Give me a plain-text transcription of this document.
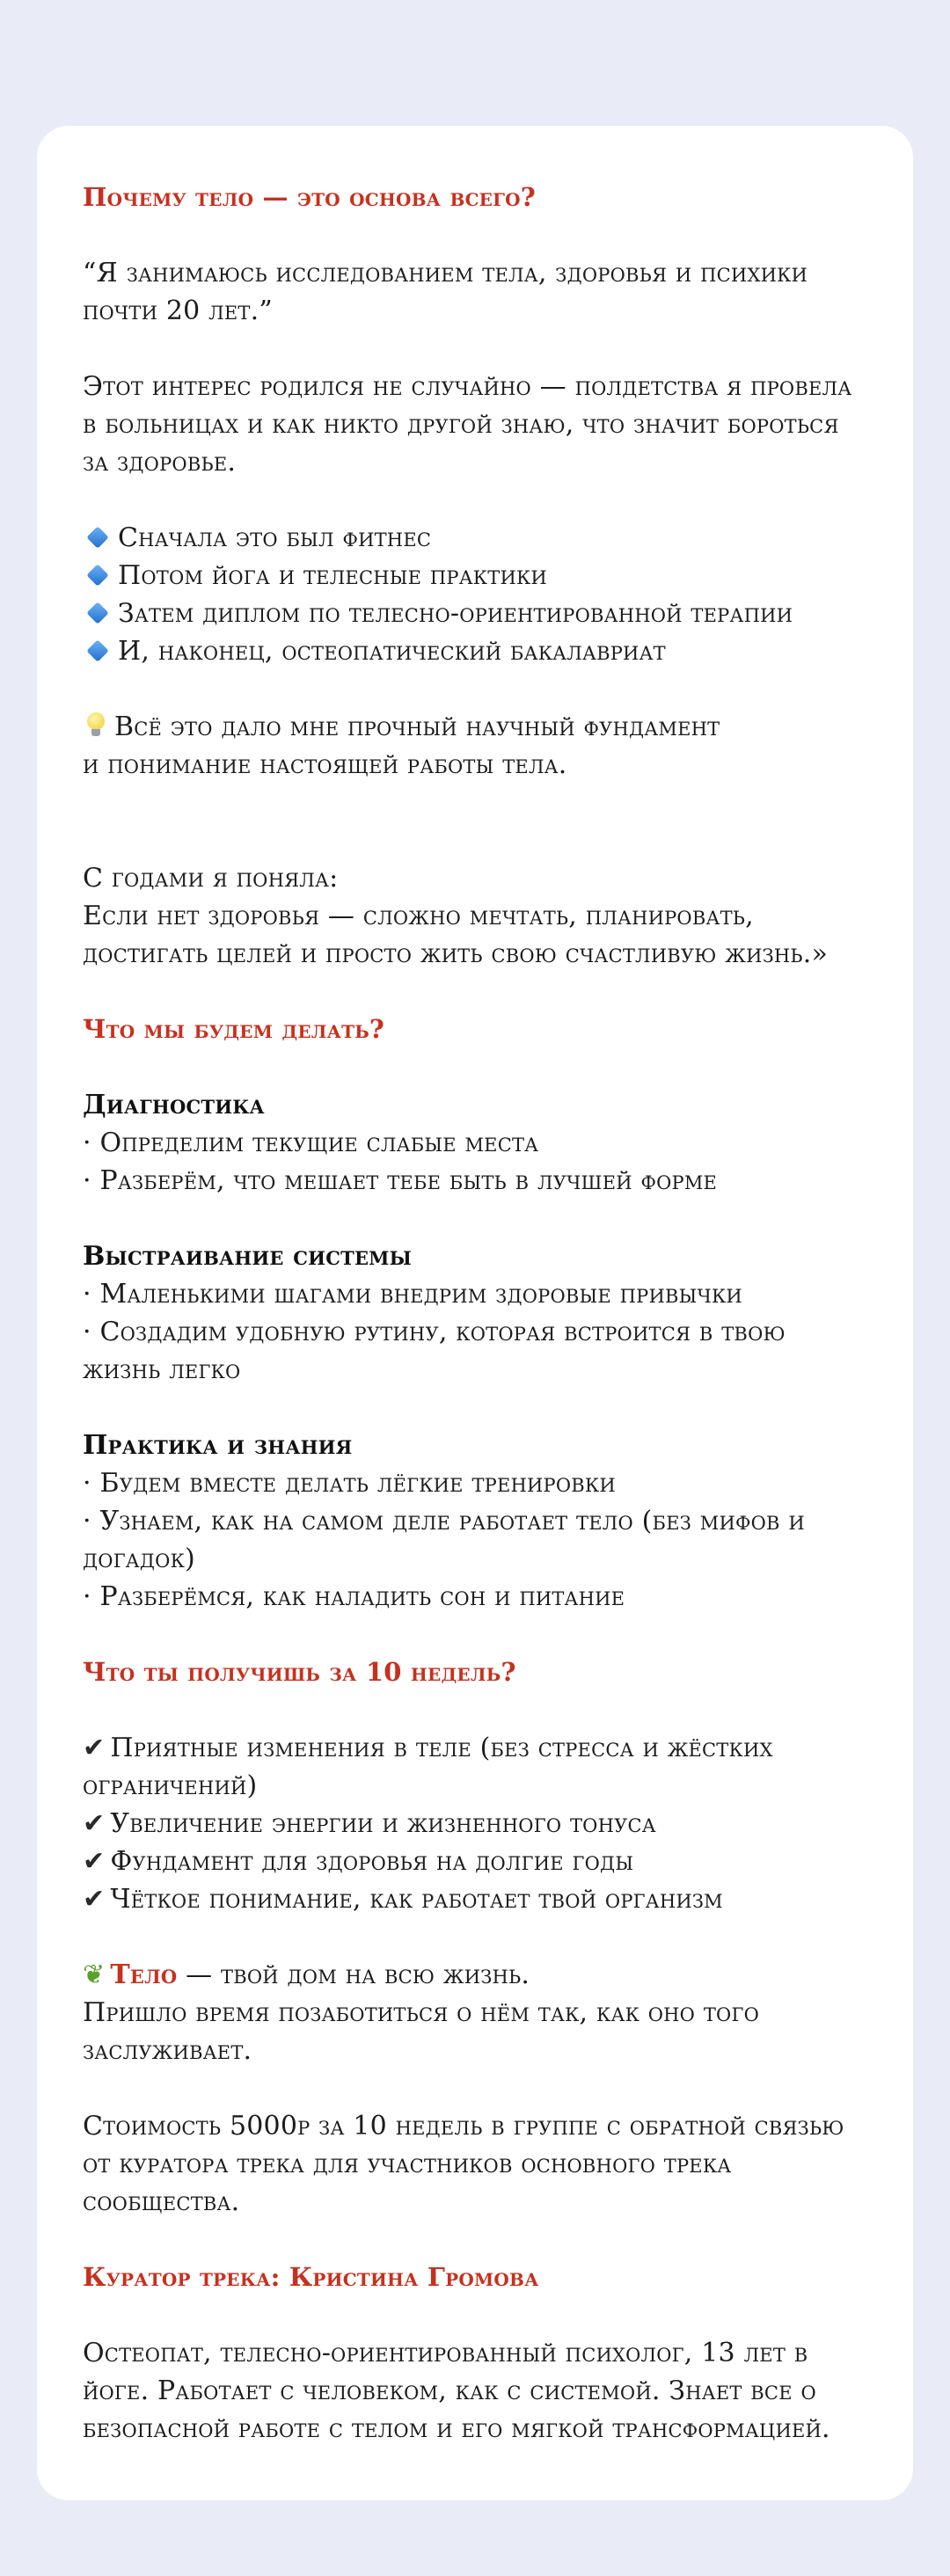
Почему тело — это основа всего?

“Я занимаюсь исследованием тела, здоровья и психики

почти 20 лет.”

Этот интерес родился не случайно — полдетства я провела

в больницах и как никто другой знаю, что значит бороться

за здоровье.

Сначала это был фитнес

Потом йога и телесные практики

Затем диплом по телесно-ориентированной терапии

И, наконец, остеопатический бакалавриат

Всё это дало мне прочный научный фундамент

и понимание настоящей работы тела.

С годами я поняла:

Если нет здоровья — сложно мечтать, планировать,

достигать целей и просто жить свою счастливую жизнь.»

Что мы будем делать?

Диагностика

· Определим текущие слабые места

· Разберём, что мешает тебе быть в лучшей форме

Выстраивание системы

· Маленькими шагами внедрим здоровые привычки

· Создадим удобную рутину, которая встроится в твою

жизнь легко

Практика и знания

· Будем вместе делать лёгкие тренировки

· Узнаем, как на самом деле работает тело (без мифов и

догадок)

· Разберёмся, как наладить сон и питание

Что ты получишь за 10 недель?

✔ Приятные изменения в теле (без стресса и жёстких

ограничений)

✔ Увеличение энергии и жизненного тонуса

✔ Фундамент для здоровья на долгие годы

✔ Чёткое понимание, как работает твой организм

❦ Тело — твой дом на всю жизнь.

Пришло время позаботиться о нём так, как оно того

заслуживает.

Стоимость 5000р за 10 недель в группе с обратной связью

от куратора трека для участников основного трека

сообщества.

Куратор трека: Кристина Громова

Остеопат, телесно-ориентированный психолог, 13 лет в

йоге. Работает с человеком, как с системой. Знает все о

безопасной работе с телом и его мягкой трансформацией.
